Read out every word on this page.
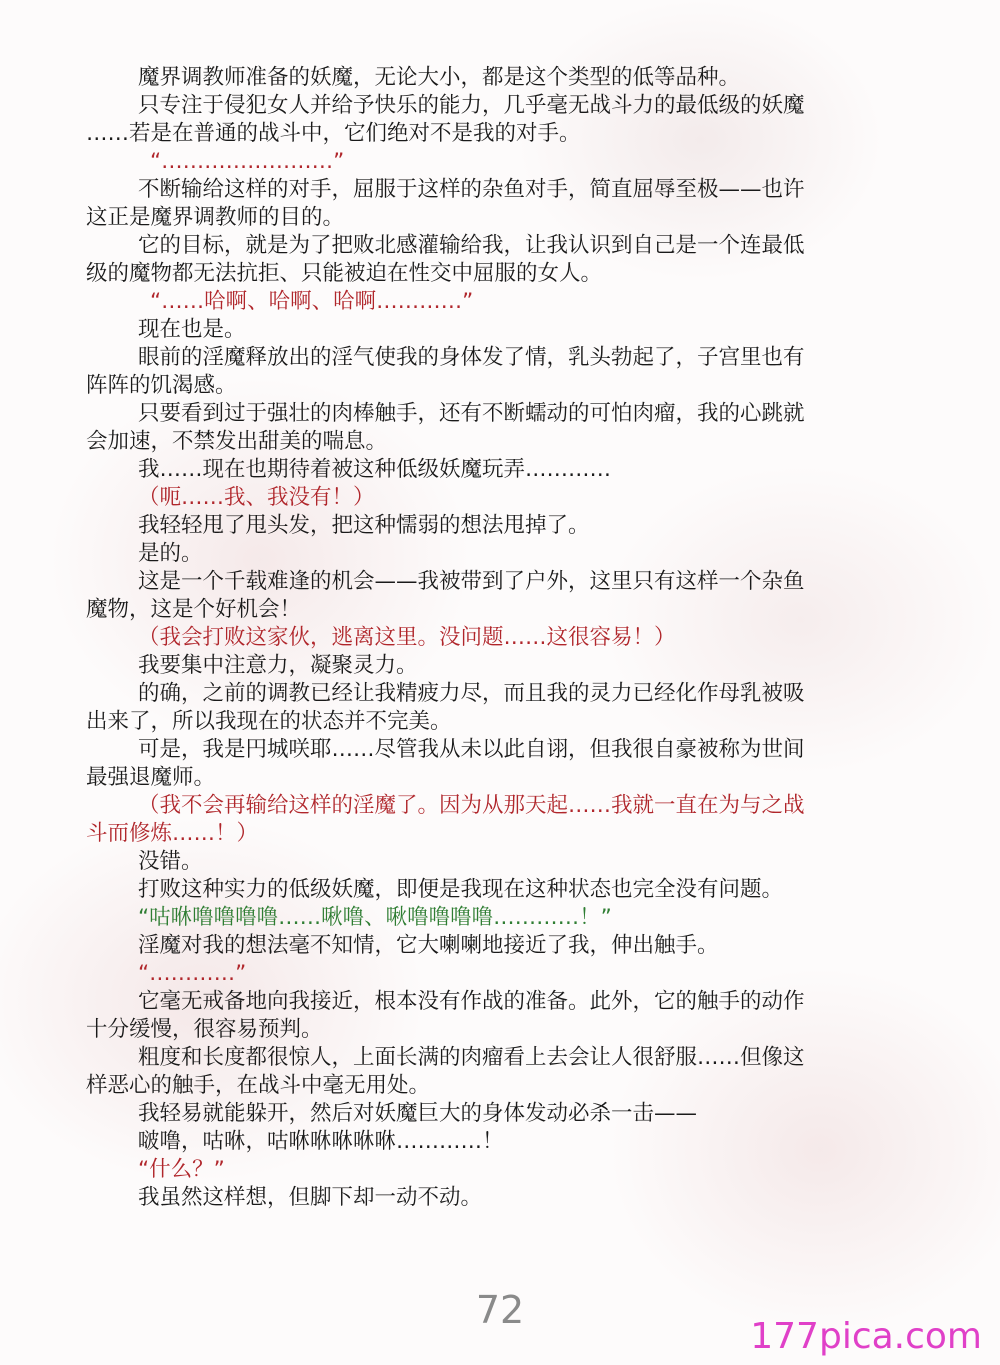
魔界调教师准备的妖魔，无论大小，都是这个类型的低等品种。
只专注于侵犯女人并给予快乐的能力，几乎毫无战斗力的最低级的妖魔
……若是在普通的战斗中，它们绝对不是我的对手。
“……………………”
不断输给这样的对手，屈服于这样的杂鱼对手，简直屈辱至极——也许
这正是魔界调教师的目的。
它的目标，就是为了把败北感灌输给我，让我认识到自己是一个连最低
级的魔物都无法抗拒、只能被迫在性交中屈服的女人。
“……哈啊、哈啊、哈啊…………”
现在也是。
眼前的淫魔释放出的淫气使我的身体发了情，乳头勃起了，子宫里也有
阵阵的饥渴感。
只要看到过于强壮的肉棒触手，还有不断蠕动的可怕肉瘤，我的心跳就
会加速，不禁发出甜美的喘息。
我……现在也期待着被这种低级妖魔玩弄…………
（呃……我、我没有！）
我轻轻甩了甩头发，把这种懦弱的想法甩掉了。
是的。
这是一个千载难逢的机会——我被带到了户外，这里只有这样一个杂鱼
魔物，这是个好机会！
（我会打败这家伙，逃离这里。没问题……这很容易！）
我要集中注意力，凝聚灵力。
的确，之前的调教已经让我精疲力尽，而且我的灵力已经化作母乳被吸
出来了，所以我现在的状态并不完美。
可是，我是円城咲耶……尽管我从未以此自诩，但我很自豪被称为世间
最强退魔师。
（我不会再输给这样的淫魔了。因为从那天起……我就一直在为与之战
斗而修炼……！）
没错。
打败这种实力的低级妖魔，即便是我现在这种状态也完全没有问题。
“咕咻噜噜噜噜……啾噜、啾噜噜噜噜…………！”
淫魔对我的想法毫不知情，它大喇喇地接近了我，伸出触手。
“…………”
它毫无戒备地向我接近，根本没有作战的准备。此外，它的触手的动作
十分缓慢，很容易预判。
粗度和长度都很惊人，上面长满的肉瘤看上去会让人很舒服……但像这
样恶心的触手，在战斗中毫无用处。
我轻易就能躲开，然后对妖魔巨大的身体发动必杀一击——
啵噜，咕咻，咕咻咻咻咻咻…………！
“什么？”
我虽然这样想，但脚下却一动不动。
72
177pica.com
